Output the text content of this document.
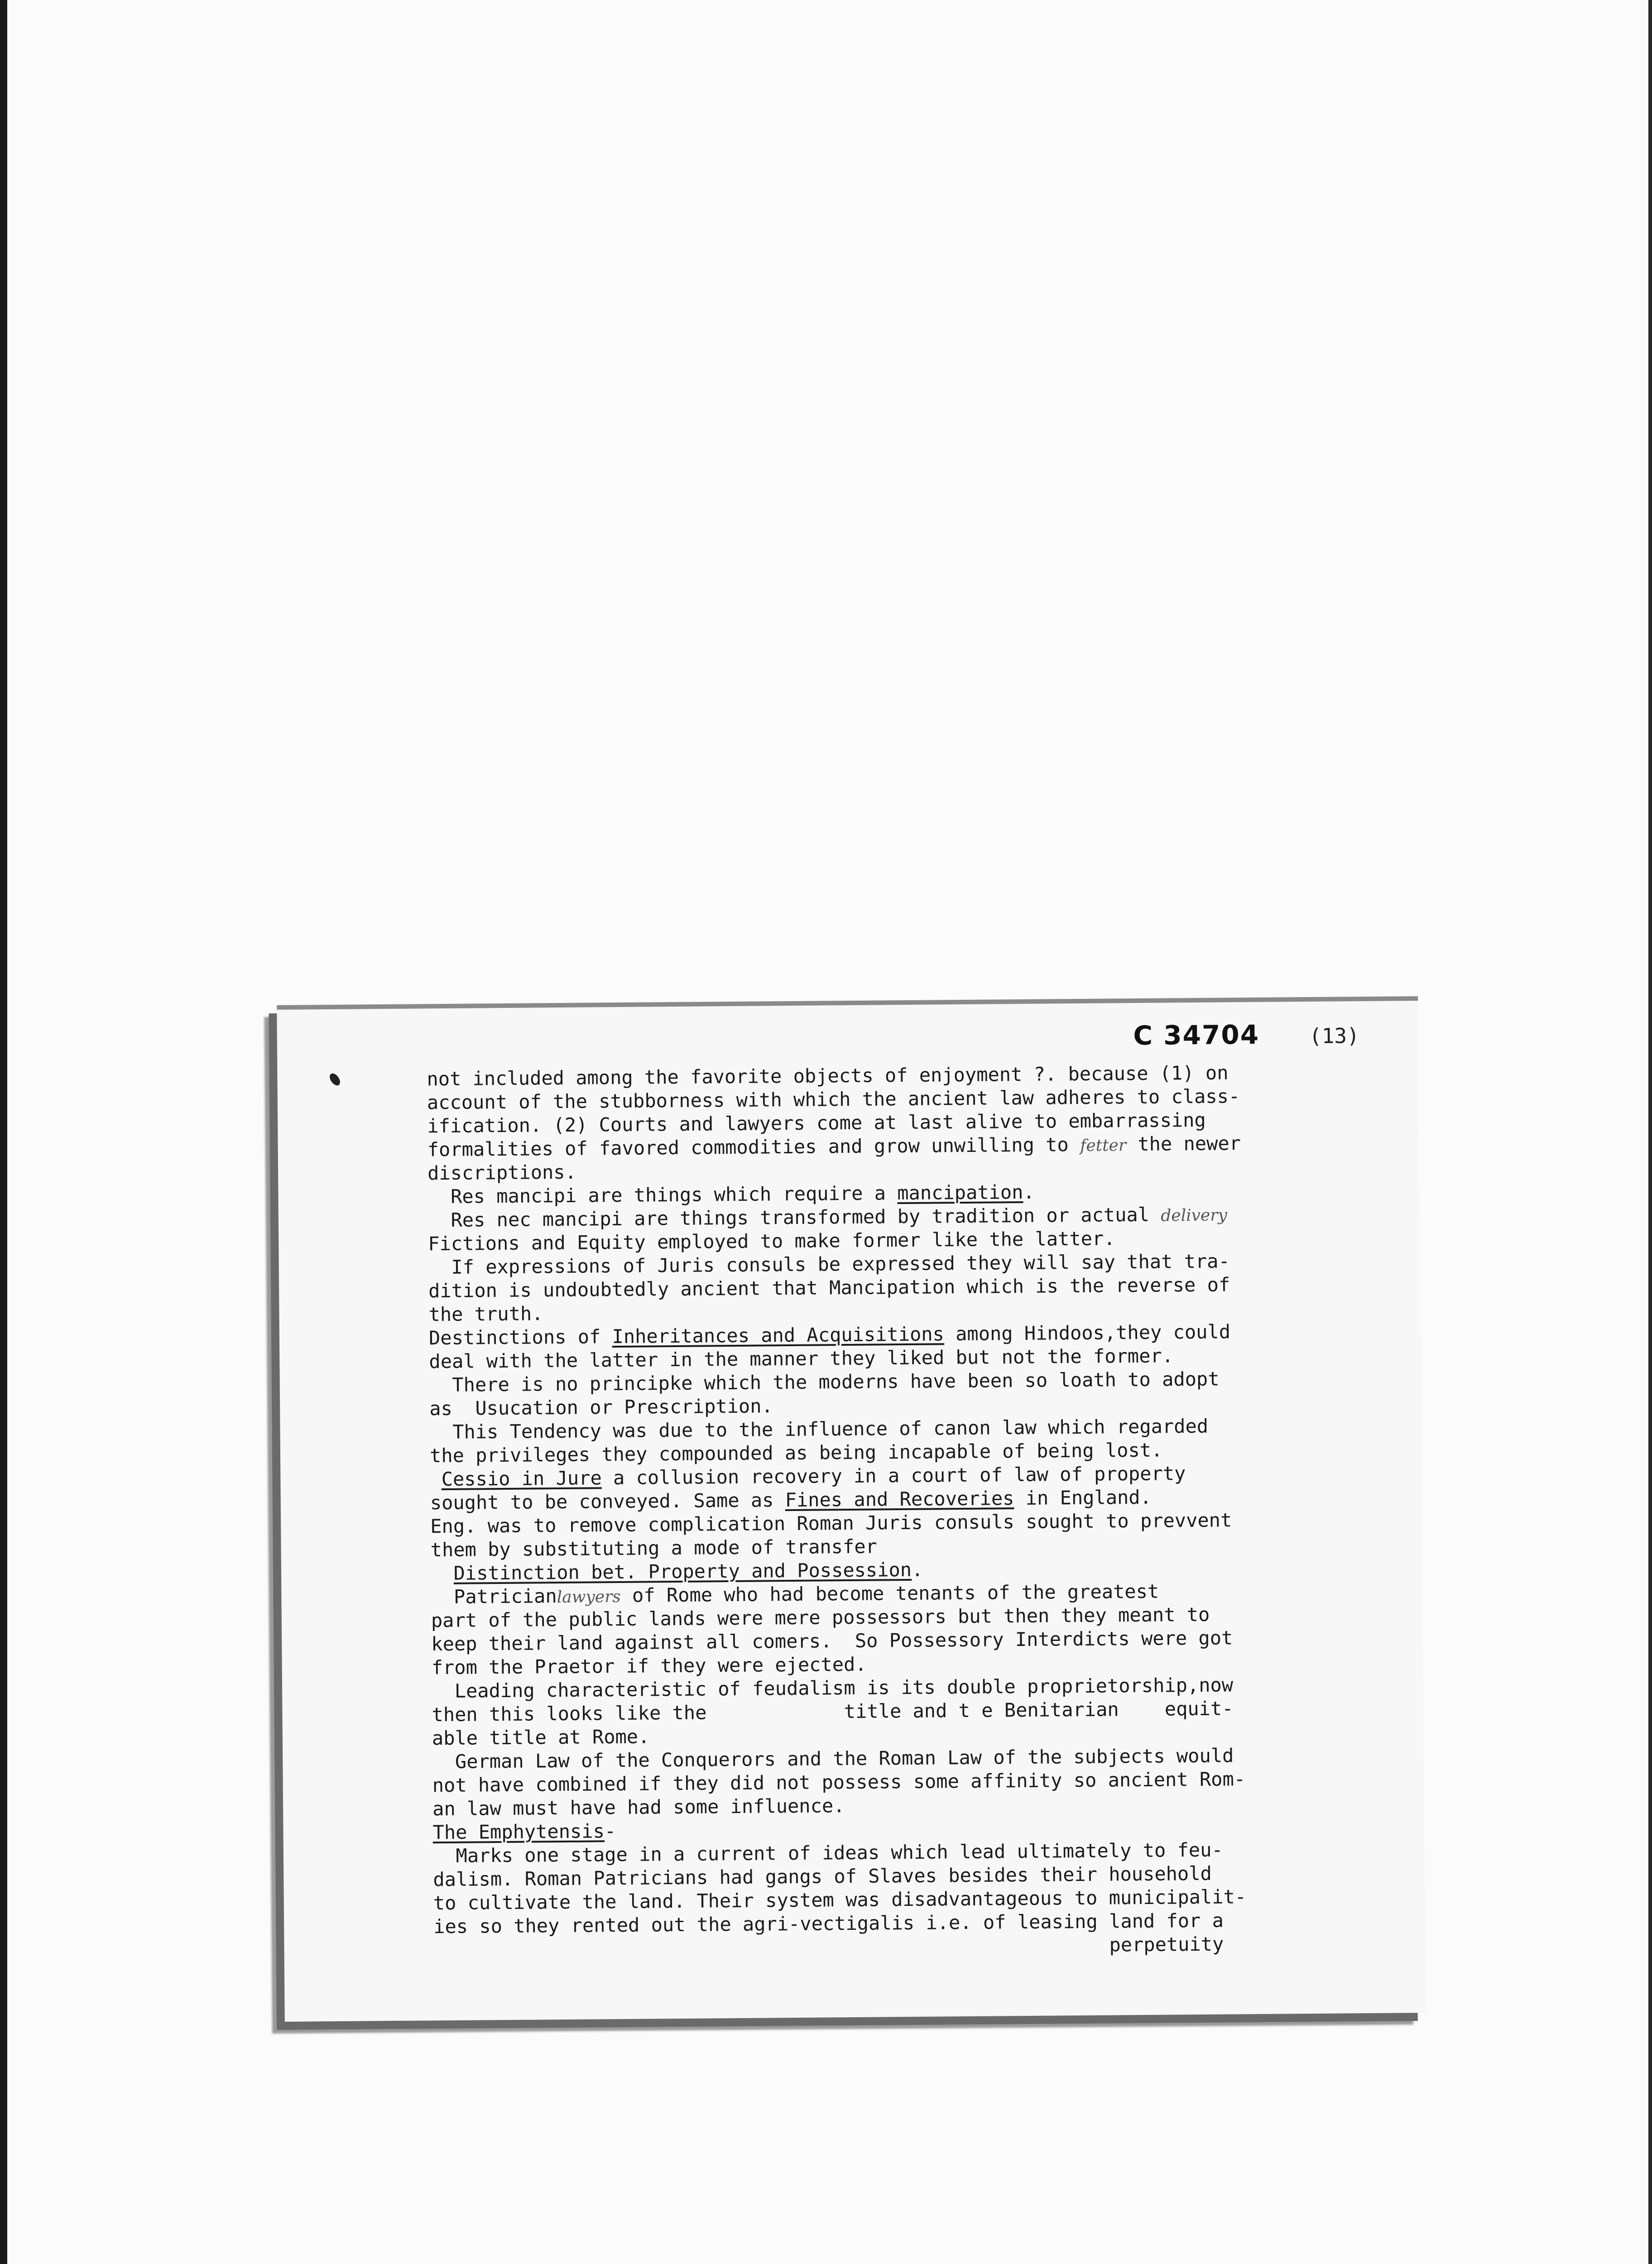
C 34704 (13)
not included among the favorite objects of enjoyment ?. because (1) on
account of the stubborness with which the ancient law adheres to class-
ification. (2) Courts and lawyers come at last alive to embarrassing
formalities of favored commodities and grow unwilling to fetter the newer
discriptions.
Res mancipi are things which require a mancipation.
Res nec mancipi are things transformed by tradition or actual delivery
Fictions and Equity employed to make former like the latter.
If expressions of Juris consuls be expressed they will say that tra-
dition is undoubtedly ancient that Mancipation which is the reverse of
the truth.
Destinctions of Inheritances and Acquisitions among Hindoos,they could
deal with the latter in the manner they liked but not the former.
There is no principke which the moderns have been so loath to adopt
as  Usucation or Prescription.
This Tendency was due to the influence of canon law which regarded
the privileges they compounded as being incapable of being lost.
Cessio in Jure a collusion recovery in a court of law of property
sought to be conveyed. Same as Fines and Recoveries in England.
Eng. was to remove complication Roman Juris consuls sought to prevvent
them by substituting a mode of transfer
Distinction bet. Property and Possession.
Patricianlawyers of Rome who had become tenants of the greatest
part of the public lands were mere possessors but then they meant to
keep their land against all comers.  So Possessory Interdicts were got
from the Praetor if they were ejected.
Leading characteristic of feudalism is its double proprietorship,now
then this looks like the            title and t e Benitarian    equit-
able title at Rome.
German Law of the Conquerors and the Roman Law of the subjects would
not have combined if they did not possess some affinity so ancient Rom-
an law must have had some influence.
The Emphytensis-
Marks one stage in a current of ideas which lead ultimately to feu-
dalism. Roman Patricians had gangs of Slaves besides their household
to cultivate the land. Their system was disadvantageous to municipalit-
ies so they rented out the agri-vectigalis i.e. of leasing land for a
perpetuity
